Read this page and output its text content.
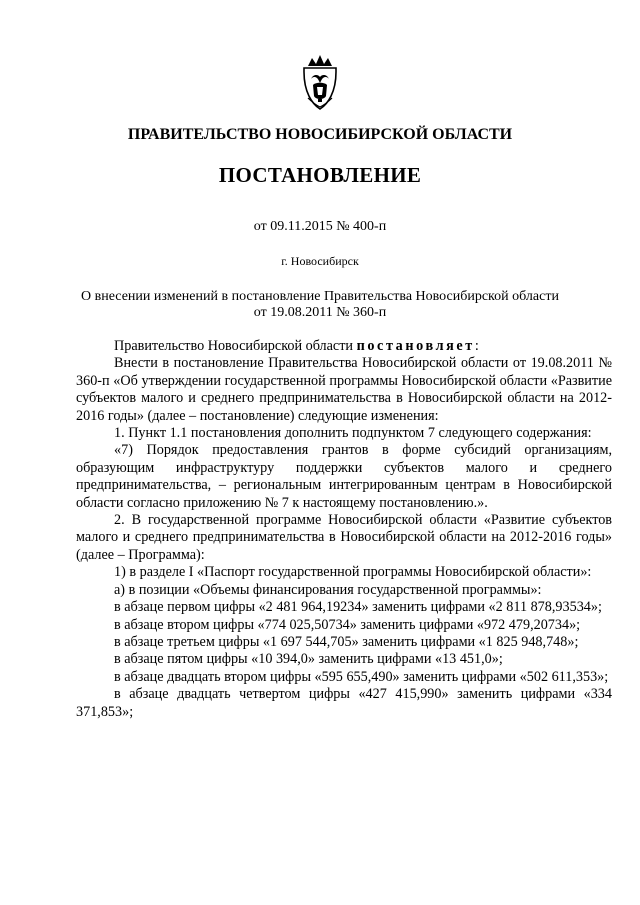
ПРАВИТЕЛЬСТВО НОВОСИБИРСКОЙ ОБЛАСТИ
ПОСТАНОВЛЕНИЕ
от 09.11.2015 № 400-п
г. Новосибирск
О внесении изменений в постановление Правительства Новосибирской области
от 19.08.2011 № 360-п

Правительство Новосибирской области постановляет:

Внести в постановление Правительства Новосибирской области от 19.08.2011 № 360-п «Об утверждении государственной программы Новосибирской области «Развитие субъектов малого и среднего предпринимательства в Новосибирской области на 2012-2016 годы» (далее – постановление) следующие изменения:

1. Пункт 1.1 постановления дополнить подпунктом 7 следующего содержания:

«7) Порядок предоставления грантов в форме субсидий организациям, образующим инфраструктуру поддержки субъектов малого и среднего предпринимательства, – региональным интегрированным центрам в Новосибирской области согласно приложению № 7 к настоящему постановлению.».

2. В государственной программе Новосибирской области «Развитие субъектов малого и среднего предпринимательства в Новосибирской области на 2012-2016 годы» (далее – Программа):

1) в разделе I «Паспорт государственной программы Новосибирской области»:

а) в позиции «Объемы финансирования государственной программы»:

в абзаце первом цифры «2 481 964,19234» заменить цифрами «2 811 878,93534»;

в абзаце втором цифры «774 025,50734» заменить цифрами «972 479,20734»;

в абзаце третьем цифры «1 697 544,705» заменить цифрами «1 825 948,748»;

в абзаце пятом цифры «10 394,0» заменить цифрами «13 451,0»;

в абзаце двадцать втором цифры «595 655,490» заменить цифрами «502 611,353»;

в абзаце двадцать четвертом цифры «427 415,990» заменить цифрами «334 371,853»;
